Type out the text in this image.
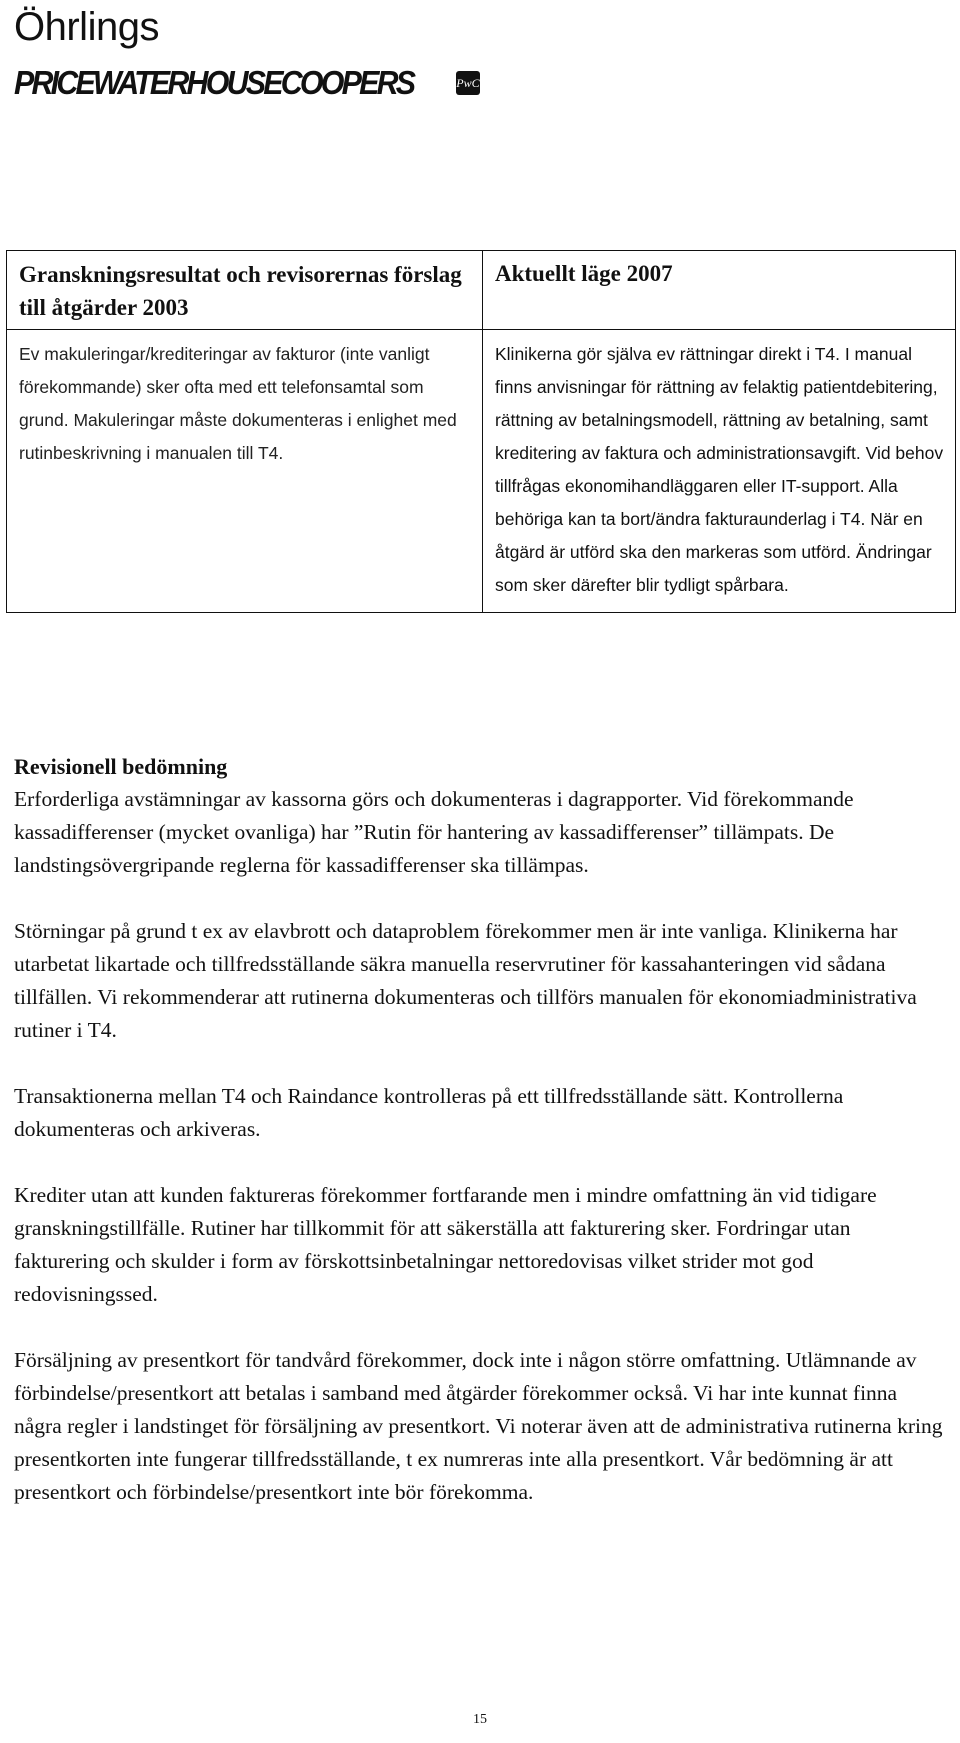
Öhrlings
PRICEWATERHOUSECOOPERS	PwC
Granskningsresultat och revisorernas förslag till åtgärder 2003	Aktuellt läge 2007

Ev makuleringar/krediteringar av fakturor (inte vanligt förekommande) sker ofta med ett telefonsamtal som grund. Makuleringar måste dokumenteras i enlighet med rutinbeskrivning i manualen till T4.	Klinikerna gör själva ev rättningar direkt i T4. I manual finns anvisningar för rättning av felaktig patientdebitering, rättning av betalningsmodell, rättning av betalning, samt kreditering av faktura och administrationsavgift. Vid behov tillfrågas ekonomihandläggaren eller IT-support. Alla behöriga kan ta bort/ändra fakturaunderlag i T4. När en åtgärd är utförd ska den markeras som utförd. Ändringar som sker därefter blir tydligt spårbara.
Revisionell bedömning

Erforderliga avstämningar av kassorna görs och dokumenteras i dagrapporter. Vid förekommande kassadifferenser (mycket ovanliga) har ”Rutin för hantering av kassadifferenser” tillämpats. De landstingsövergripande reglerna för kassadifferenser ska tillämpas.

Störningar på grund t ex av elavbrott och dataproblem förekommer men är inte vanliga. Klinikerna har utarbetat likartade och tillfredsställande säkra manuella reservrutiner för kassahanteringen vid sådana tillfällen. Vi rekommenderar att rutinerna dokumenteras och tillförs manualen för ekonomiadministrativa rutiner i T4.

Transaktionerna mellan T4 och Raindance kontrolleras på ett tillfredsställande sätt. Kontrollerna dokumenteras och arkiveras.

Krediter utan att kunden faktureras förekommer fortfarande men i mindre omfattning än vid tidigare granskningstillfälle. Rutiner har tillkommit för att säkerställa att fakturering sker. Fordringar utan fakturering och skulder i form av förskottsinbetalningar nettoredovisas vilket strider mot god redovisningssed.

Försäljning av presentkort för tandvård förekommer, dock inte i någon större omfattning. Utlämnande av förbindelse/presentkort att betalas i samband med åtgärder förekommer också. Vi har inte kunnat finna några regler i landstinget för försäljning av presentkort. Vi noterar även att de administrativa rutinerna kring presentkorten inte fungerar tillfredsställande, t ex numreras inte alla presentkort. Vår bedömning är att presentkort och förbindelse/presentkort inte bör förekomma.

15
